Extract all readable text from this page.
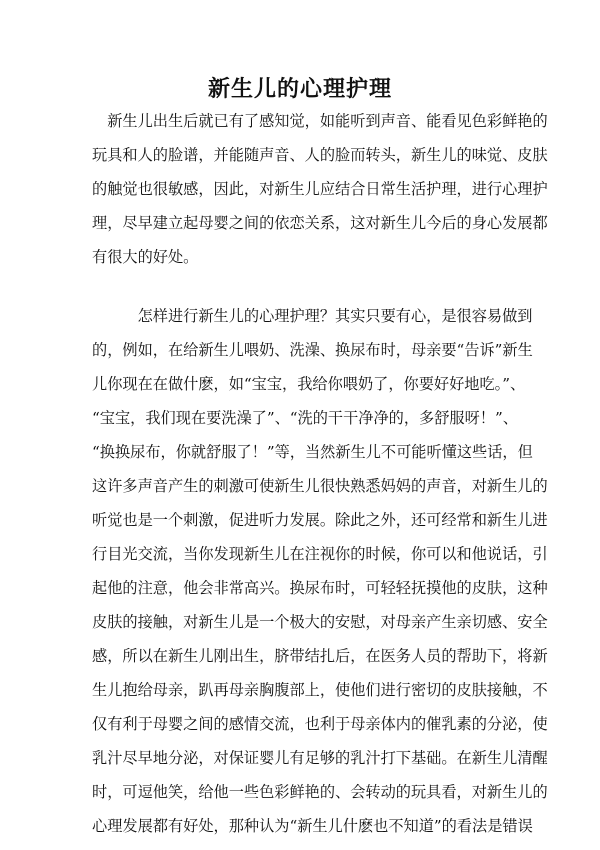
新生儿的心理护理
　新生儿出生后就已有了感知觉，如能听到声音、能看见色彩鲜艳的
玩具和人的脸谱，并能随声音、人的脸而转头，新生儿的味觉、皮肤
的触觉也很敏感，因此，对新生儿应结合日常生活护理，进行心理护
理，尽早建立起母婴之间的依恋关系，这对新生儿今后的身心发展都
有很大的好处。
　　　怎样进行新生儿的心理护理？其实只要有心，是很容易做到
的，例如，在给新生儿喂奶、洗澡、换尿布时，母亲要“告诉”新生
儿你现在在做什麽，如“宝宝，我给你喂奶了，你要好好地吃。”、
“宝宝，我们现在要洗澡了”、“洗的干干净净的，多舒服呀！”、
“换换尿布，你就舒服了！”等，当然新生儿不可能听懂这些话，但
这许多声音产生的刺激可使新生儿很快熟悉妈妈的声音，对新生儿的
听觉也是一个刺激，促进听力发展。除此之外，还可经常和新生儿进
行目光交流，当你发现新生儿在注视你的时候，你可以和他说话，引
起他的注意，他会非常高兴。换尿布时，可轻轻抚摸他的皮肤，这种
皮肤的接触，对新生儿是一个极大的安慰，对母亲产生亲切感、安全
感，所以在新生儿刚出生，脐带结扎后，在医务人员的帮助下，将新
生儿抱给母亲，趴再母亲胸腹部上，使他们进行密切的皮肤接触，不
仅有利于母婴之间的感情交流，也利于母亲体内的催乳素的分泌，使
乳汁尽早地分泌，对保证婴儿有足够的乳汁打下基础。在新生儿清醒
时，可逗他笑，给他一些色彩鲜艳的、会转动的玩具看，对新生儿的
心理发展都有好处，那种认为“新生儿什麽也不知道”的看法是错误
